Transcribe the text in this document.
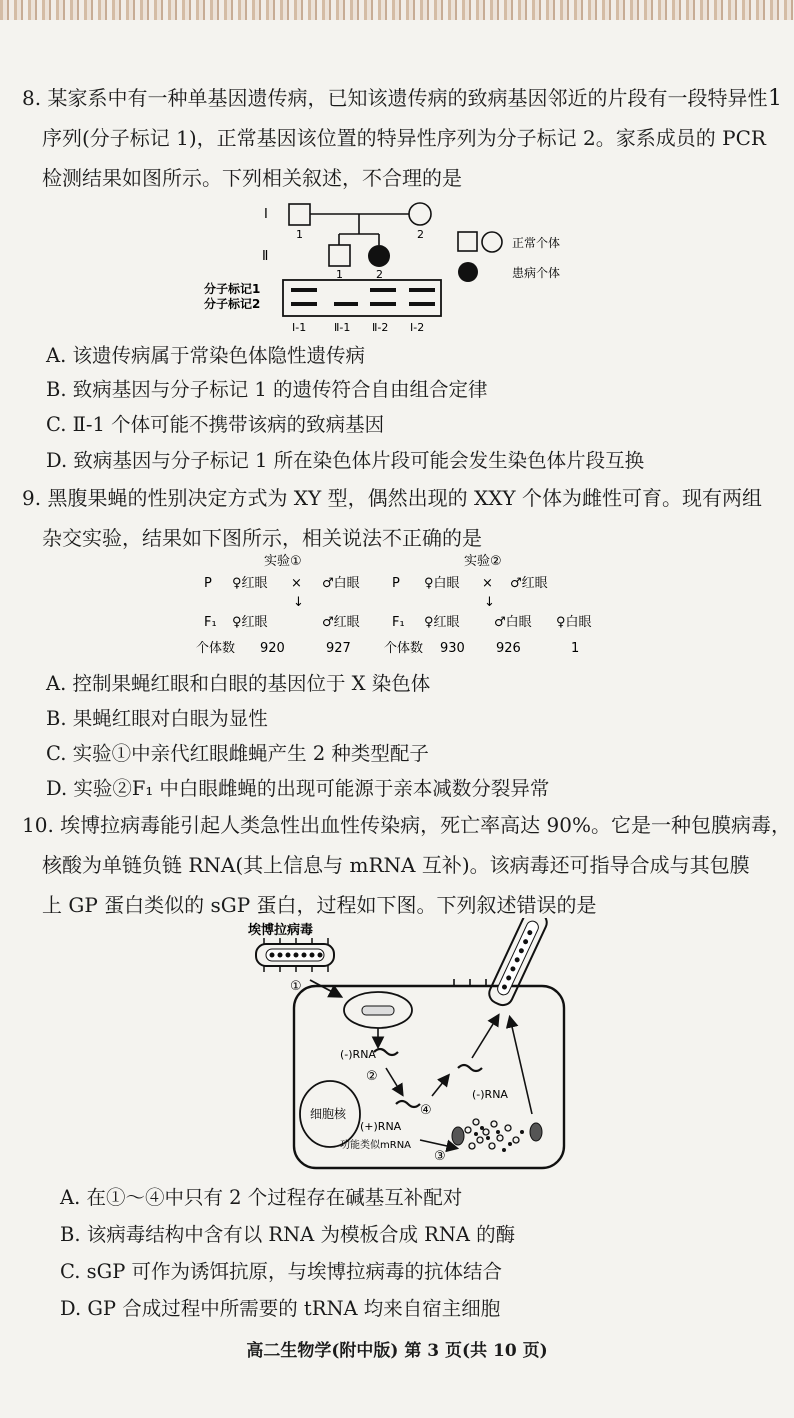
1
8. 某家系中有一种单基因遗传病，已知该遗传病的致病基因邻近的片段有一段特异性
序列(分子标记 1)，正常基因该位置的特异性序列为分子标记 2。家系成员的 PCR
检测结果如图所示。下列相关叙述，不合理的是
Ⅰ
Ⅱ
1	2
1	2
正常个体
患病个体
分子标记1
分子标记2
Ⅰ-1	Ⅱ-1 Ⅱ-2 Ⅰ-2
A. 该遗传病属于常染色体隐性遗传病
B. 致病基因与分子标记 1 的遗传符合自由组合定律
C. Ⅱ-1 个体可能不携带该病的致病基因
D. 致病基因与分子标记 1 所在染色体片段可能会发生染色体片段互换
9. 黑腹果蝇的性别决定方式为 XY 型，偶然出现的 XXY 个体为雌性可育。现有两组
杂交实验，结果如下图所示，相关说法不正确的是
实验①	实验②
P ♀红眼 × ♂白眼
↓
P ♀白眼 × ♂红眼
↓
F₁ ♀红眼	♂红眼 F₁ ♀红眼	♂白眼 ♀白眼
个体数 920	927	个体数 930 926	1
A. 控制果蝇红眼和白眼的基因位于 X 染色体
B. 果蝇红眼对白眼为显性
C. 实验①中亲代红眼雌蝇产生 2 种类型配子
D. 实验②F₁ 中白眼雌蝇的出现可能源于亲本减数分裂异常
10. 埃博拉病毒能引起人类急性出血性传染病，死亡率高达 90%。它是一种包膜病毒，
核酸为单链负链 RNA(其上信息与 mRNA 互补)。该病毒还可指导合成与其包膜
上 GP 蛋白类似的 sGP 蛋白，过程如下图。下列叙述错误的是
埃博拉病毒
①
(-)RNA
②
细胞核
(+)RNA
功能类似mRNA
④
③
(-)RNA
A. 在①～④中只有 2 个过程存在碱基互补配对
B. 该病毒结构中含有以 RNA 为模板合成 RNA 的酶
C. sGP 可作为诱饵抗原，与埃博拉病毒的抗体结合
D. GP 合成过程中所需要的 tRNA 均来自宿主细胞
高二生物学(附中版) 第 3 页(共 10 页)
